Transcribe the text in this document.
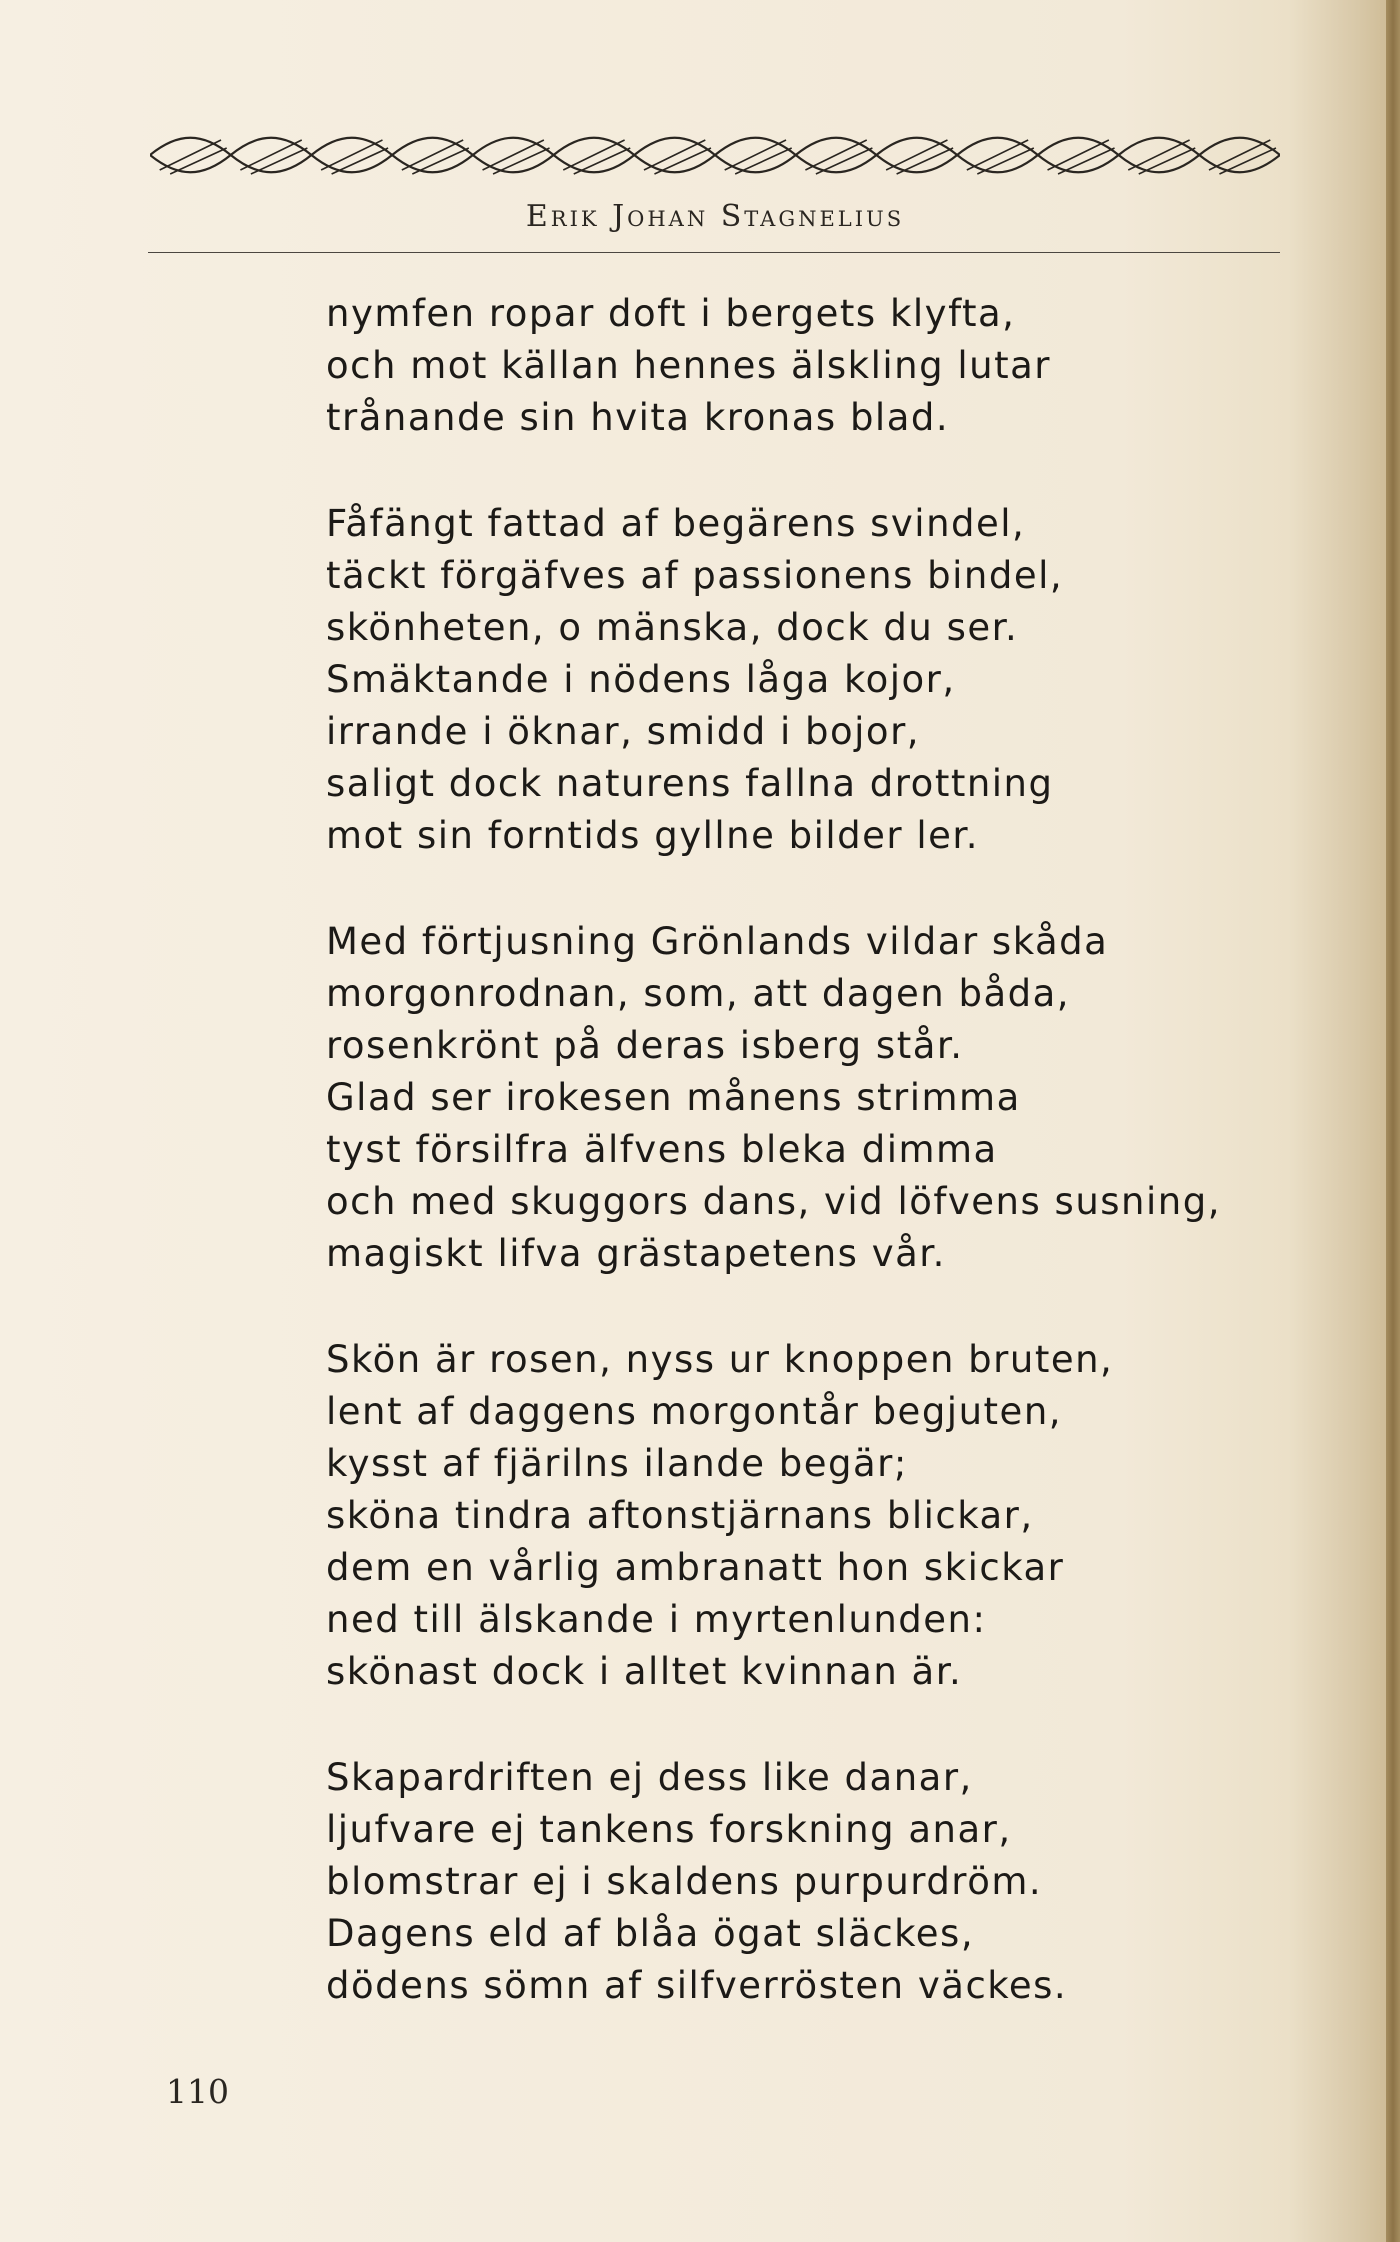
Erik Johan Stagnelius
nymfen ropar doft i bergets klyfta,
och mot källan hennes älskling lutar
trånande sin hvita kronas blad.
Fåfängt fattad af begärens svindel,
täckt förgäfves af passionens bindel,
skönheten, o mänska, dock du ser.
Smäktande i nödens låga kojor,
irrande i öknar, smidd i bojor,
saligt dock naturens fallna drottning
mot sin forntids gyllne bilder ler.
Med förtjusning Grönlands vildar skåda
morgonrodnan, som, att dagen båda,
rosenkrönt på deras isberg står.
Glad ser irokesen månens strimma
tyst försilfra älfvens bleka dimma
och med skuggors dans, vid löfvens susning,
magiskt lifva grästapetens vår.
Skön är rosen, nyss ur knoppen bruten,
lent af daggens morgontår begjuten,
kysst af fjärilns ilande begär;
sköna tindra aftonstjärnans blickar,
dem en vårlig ambranatt hon skickar
ned till älskande i myrtenlunden:
skönast dock i alltet kvinnan är.
Skapardriften ej dess like danar,
ljufvare ej tankens forskning anar,
blomstrar ej i skaldens purpurdröm.
Dagens eld af blåa ögat släckes,
dödens sömn af silfverrösten väckes.
110
